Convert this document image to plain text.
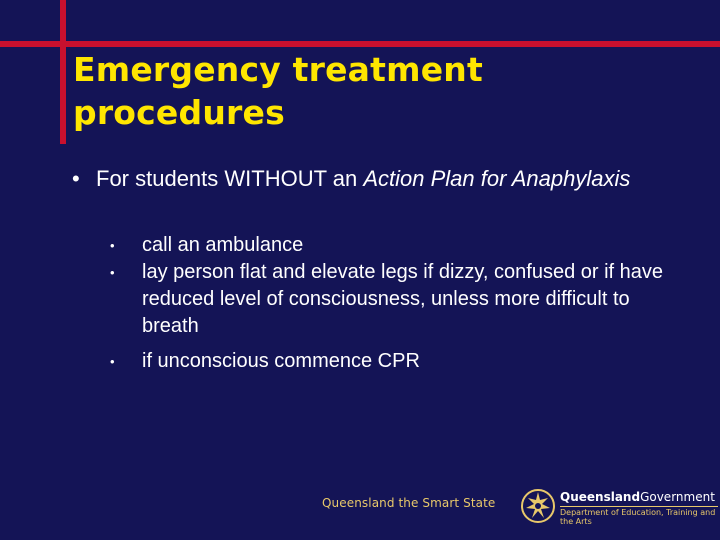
Emergency treatment
procedures
• For students WITHOUT an Action Plan for Anaphylaxis
• call an ambulance
• lay person flat and elevate legs if dizzy, confused or if have reduced level of consciousness, unless more difficult to breath
• if unconscious commence CPR
Queensland the Smart State	QueenslandGovernment
Department of Education, Training and the Arts
